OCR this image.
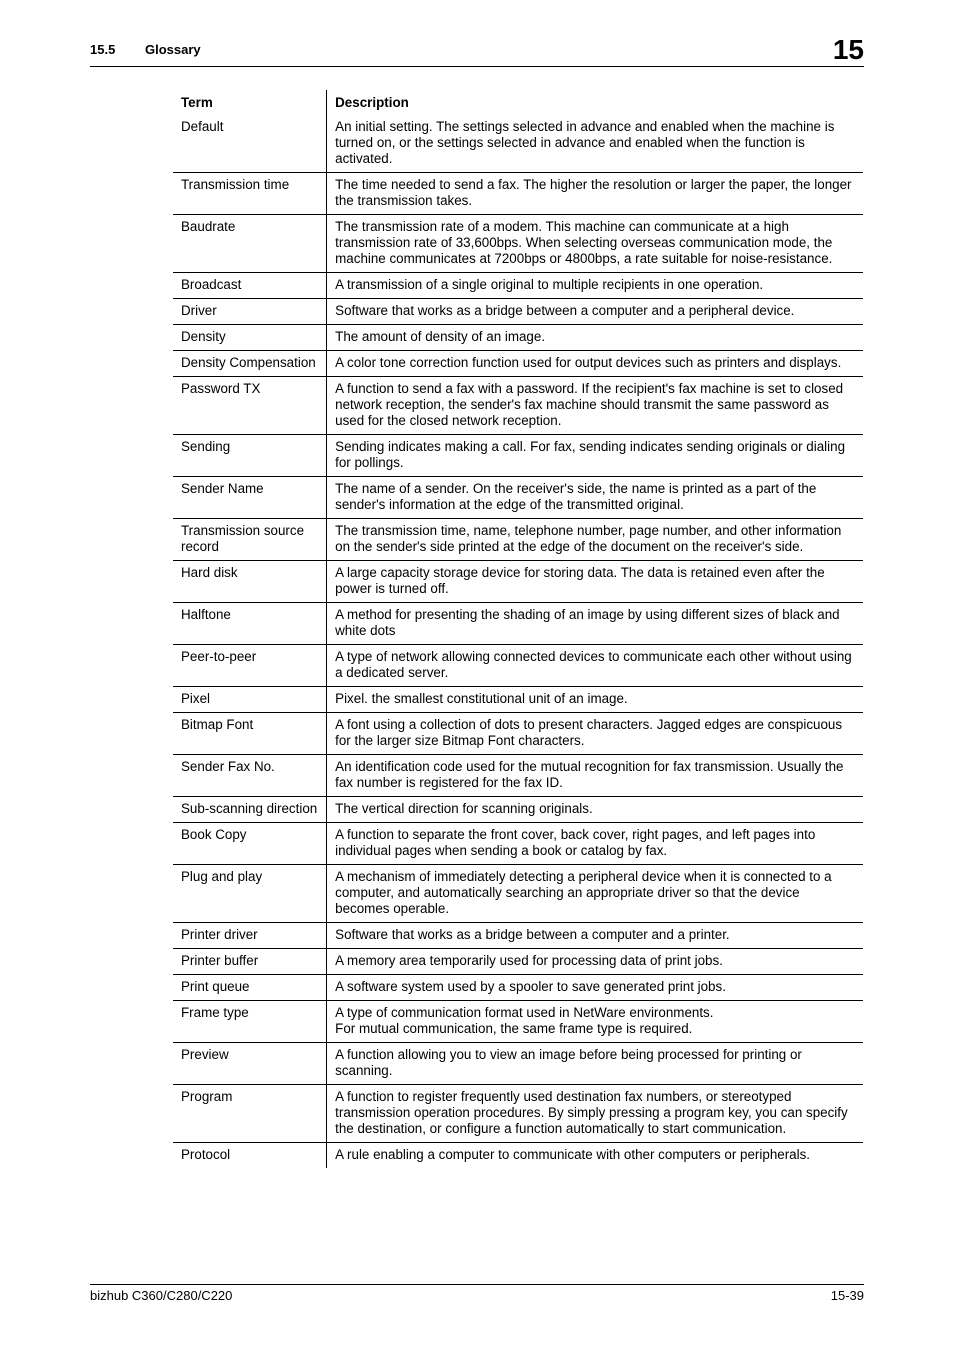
15.5 Glossary	15
Term	Description
Default	An initial setting. The settings selected in advance and enabled when the machine is turned on, or the settings selected in advance and enabled when the function is activated.
Transmission time	The time needed to send a fax. The higher the resolution or larger the paper, the longer the transmission takes.
Baudrate	The transmission rate of a modem. This machine can communicate at a high transmission rate of 33,600bps. When selecting overseas communication mode, the machine communicates at 7200bps or 4800bps, a rate suitable for noise-resistance.
Broadcast	A transmission of a single original to multiple recipients in one operation.
Driver	Software that works as a bridge between a computer and a peripheral device.
Density	The amount of density of an image.
Density Compensation	A color tone correction function used for output devices such as printers and displays.
Password TX	A function to send a fax with a password. If the recipient's fax machine is set to closed network reception, the sender's fax machine should transmit the same password as used for the closed network reception.
Sending	Sending indicates making a call. For fax, sending indicates sending originals or dialing for pollings.
Sender Name	The name of a sender. On the receiver's side, the name is printed as a part of the sender's information at the edge of the transmitted original.
Transmission source record	The transmission time, name, telephone number, page number, and other information on the sender's side printed at the edge of the document on the receiver's side.
Hard disk	A large capacity storage device for storing data. The data is retained even after the power is turned off.
Halftone	A method for presenting the shading of an image by using different sizes of black and white dots
Peer-to-peer	A type of network allowing connected devices to communicate each other without using a dedicated server.
Pixel	Pixel. the smallest constitutional unit of an image.
Bitmap Font	A font using a collection of dots to present characters. Jagged edges are conspicuous for the larger size Bitmap Font characters.
Sender Fax No.	An identification code used for the mutual recognition for fax transmission. Usually the fax number is registered for the fax ID.
Sub-scanning direction	The vertical direction for scanning originals.
Book Copy	A function to separate the front cover, back cover, right pages, and left pages into individual pages when sending a book or catalog by fax.
Plug and play	A mechanism of immediately detecting a peripheral device when it is connected to a computer, and automatically searching an appropriate driver so that the device becomes operable.
Printer driver	Software that works as a bridge between a computer and a printer.
Printer buffer	A memory area temporarily used for processing data of print jobs.
Print queue	A software system used by a spooler to save generated print jobs.
Frame type	A type of communication format used in NetWare environments.
For mutual communication, the same frame type is required.
Preview	A function allowing you to view an image before being processed for printing or scanning.
Program	A function to register frequently used destination fax numbers, or stereotyped transmission operation procedures. By simply pressing a program key, you can specify the destination, or configure a function automatically to start communication.
Protocol	A rule enabling a computer to communicate with other computers or peripherals.
bizhub C360/C280/C220	15-39
